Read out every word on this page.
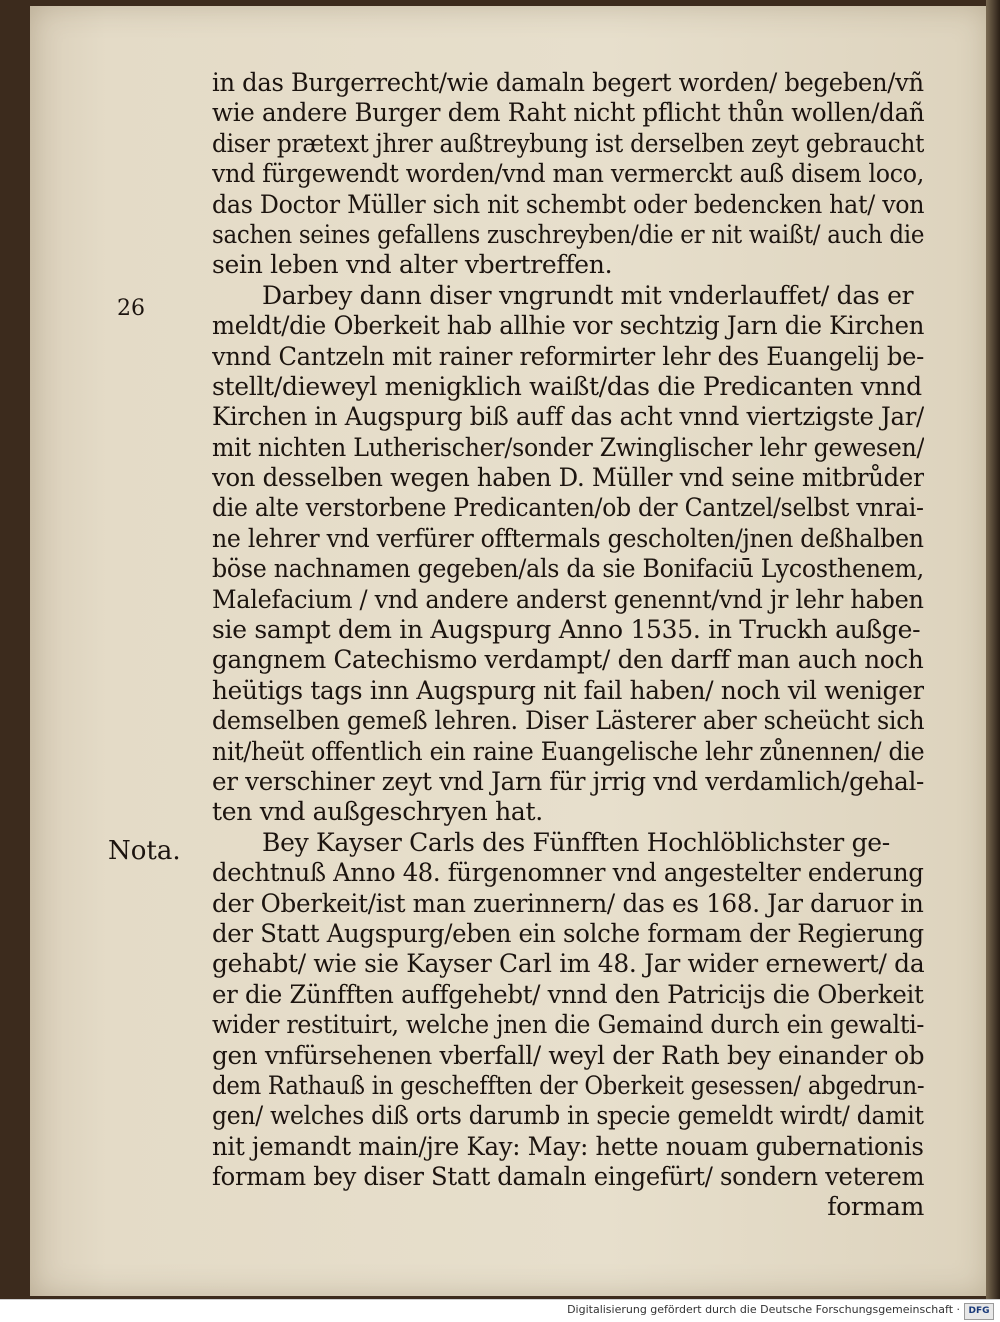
26
Nota.
in das Burgerrecht/wie damaln begert worden/ begeben/vñ
wie andere Burger dem Raht nicht pflicht thůn wollen/dañ
diser prætext jhrer außtreybung ist derselben zeyt gebraucht
vnd fürgewendt worden/vnd man vermerckt auß disem loco,
das Doctor Müller sich nit schembt oder bedencken hat/ von
sachen seines gefallens zuschreyben/die er nit waißt/ auch die
sein leben vnd alter vbertreffen.
Darbey dann diser vngrundt mit vnderlauffet/ das er
meldt/die Oberkeit hab allhie vor sechtzig Jarn die Kirchen
vnnd Cantzeln mit rainer reformirter lehr des Euangelij be-
stellt/dieweyl menigklich waißt/das die Predicanten vnnd
Kirchen in Augspurg biß auff das acht vnnd viertzigste Jar/
mit nichten Lutherischer/sonder Zwinglischer lehr gewesen/
von desselben wegen haben D. Müller vnd seine mitbrůder
die alte verstorbene Predicanten/ob der Cantzel/selbst vnrai-
ne lehrer vnd verfürer offtermals gescholten/jnen deßhalben
böse nachnamen gegeben/als da sie Bonifaciū Lycosthenem,
Malefacium / vnd andere anderst genennt/vnd jr lehr haben
sie sampt dem in Augspurg Anno 1535. in Truckh außge-
gangnem Catechismo verdampt/ den darff man auch noch
heütigs tags inn Augspurg nit fail haben/ noch vil weniger
demselben gemeß lehren. Diser Lästerer aber scheücht sich
nit/heüt offentlich ein raine Euangelische lehr zůnennen/ die
er verschiner zeyt vnd Jarn für jrrig vnd verdamlich/gehal-
ten vnd außgeschryen hat.
Bey Kayser Carls des Fünfften Hochlöblichster ge-
dechtnuß Anno 48. fürgenomner vnd angestelter enderung
der Oberkeit/ist man zuerinnern/ das es 168. Jar daruor in
der Statt Augspurg/eben ein solche formam der Regierung
gehabt/ wie sie Kayser Carl im 48. Jar wider ernewert/ da
er die Zünfften auffgehebt/ vnnd den Patricijs die Oberkeit
wider restituirt, welche jnen die Gemaind durch ein gewalti-
gen vnfürsehenen vberfall/ weyl der Rath bey einander ob
dem Rathauß in geschefften der Oberkeit gesessen/ abgedrun-
gen/ welches diß orts darumb in specie gemeldt wirdt/ damit
nit jemandt main/jre Kay: May: hette nouam gubernationis
formam bey diser Statt damaln eingefürt/ sondern veterem
formam
Digitalisierung gefördert durch die Deutsche Forschungsgemeinschaft · DFG
